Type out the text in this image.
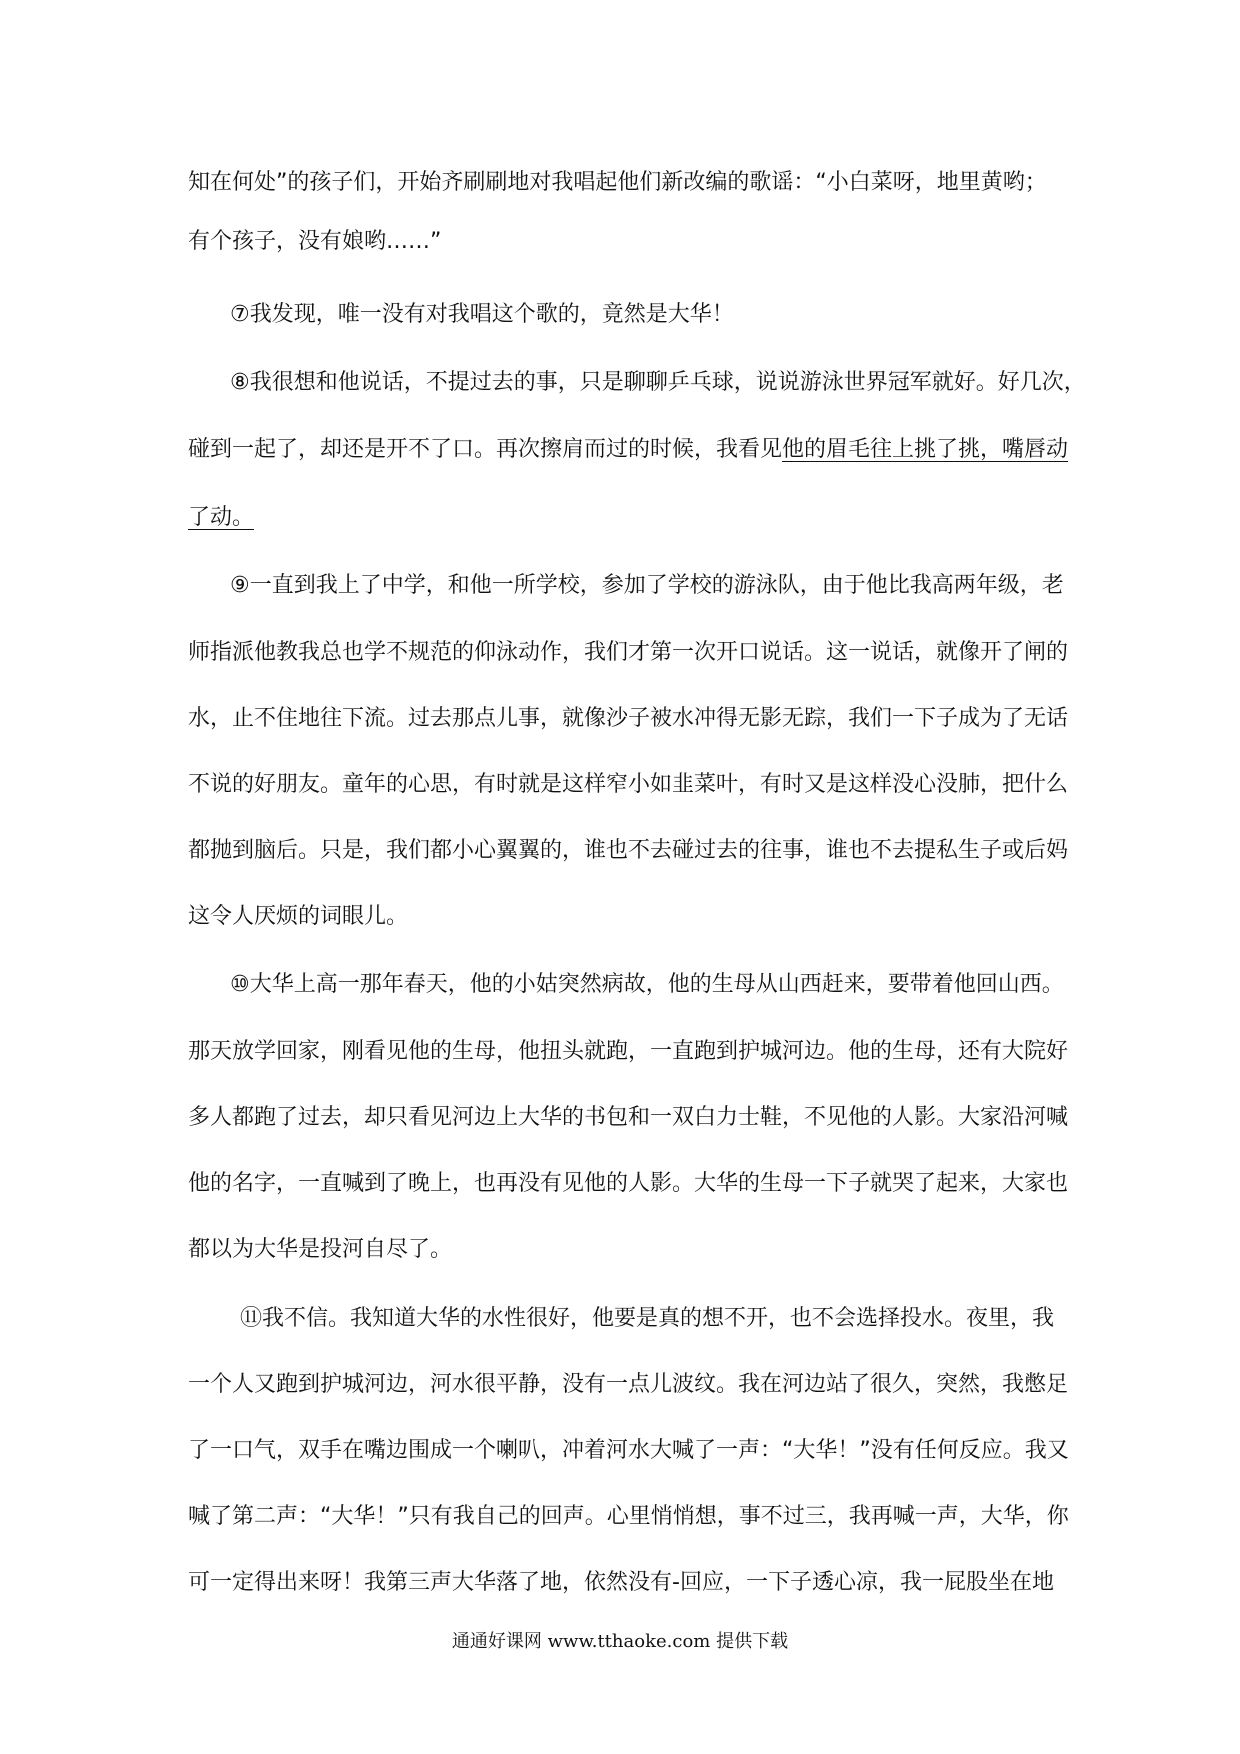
知在何处”的孩子们，开始齐刷刷地对我唱起他们新改编的歌谣：“小白菜呀，地里黄哟；
有个孩子，没有娘哟……”
⑦我发现，唯一没有对我唱这个歌的，竟然是大华！
⑧我很想和他说话，不提过去的事，只是聊聊乒乓球，说说游泳世界冠军就好。好几次，
碰到一起了，却还是开不了口。再次擦肩而过的时候，我看见他的眉毛往上挑了挑，嘴唇动
了动。
⑨一直到我上了中学，和他一所学校，参加了学校的游泳队，由于他比我高两年级，老
师指派他教我总也学不规范的仰泳动作，我们才第一次开口说话。这一说话，就像开了闸的
水，止不住地往下流。过去那点儿事，就像沙子被水冲得无影无踪，我们一下子成为了无话
不说的好朋友。童年的心思，有时就是这样窄小如韭菜叶，有时又是这样没心没肺，把什么
都抛到脑后。只是，我们都小心翼翼的，谁也不去碰过去的往事，谁也不去提私生子或后妈
这令人厌烦的词眼儿。
⑩大华上高一那年春天，他的小姑突然病故，他的生母从山西赶来，要带着他回山西。
那天放学回家，刚看见他的生母，他扭头就跑，一直跑到护城河边。他的生母，还有大院好
多人都跑了过去，却只看见河边上大华的书包和一双白力士鞋，不见他的人影。大家沿河喊
他的名字，一直喊到了晚上，也再没有见他的人影。大华的生母一下子就哭了起来，大家也
都以为大华是投河自尽了。
⑪我不信。我知道大华的水性很好，他要是真的想不开，也不会选择投水。夜里，我
一个人又跑到护城河边，河水很平静，没有一点儿波纹。我在河边站了很久，突然，我憋足
了一口气，双手在嘴边围成一个喇叭，冲着河水大喊了一声：“大华！”没有任何反应。我又
喊了第二声：“大华！”只有我自己的回声。心里悄悄想，事不过三，我再喊一声，大华，你
可一定得出来呀！我第三声大华落了地，依然没有-回应，一下子透心凉，我一屁股坐在地
通通好课网 www.tthaoke.com 提供下载
